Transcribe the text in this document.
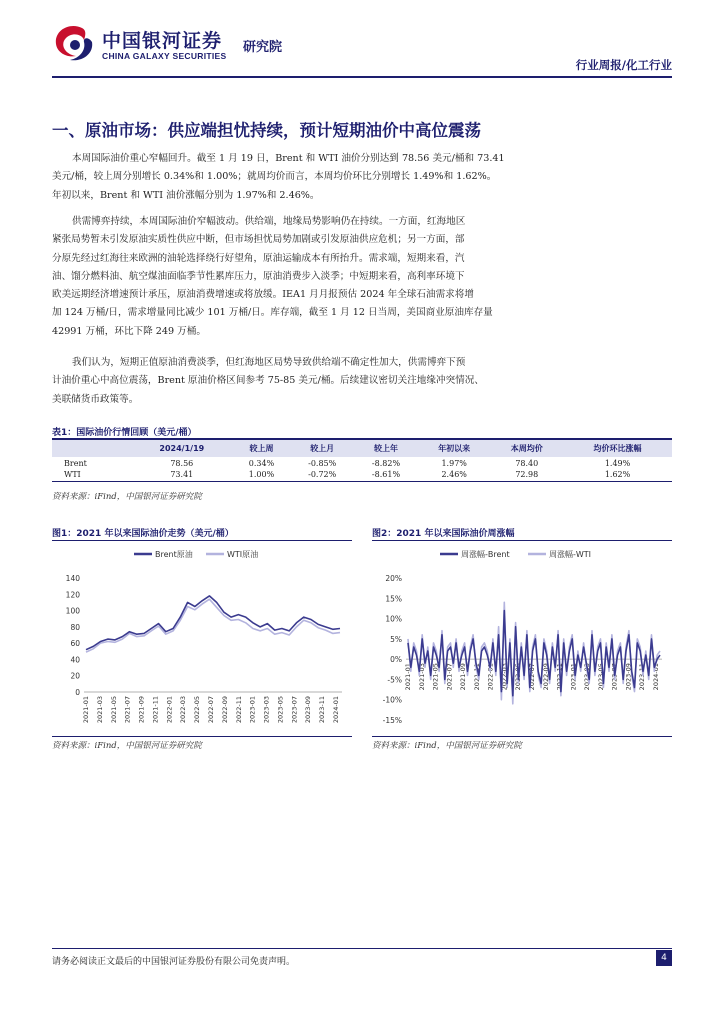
中国银河证券
CHINA GALAXY SECURITIES
研究院
行业周报/化工行业
一、原油市场：供应端担忧持续，预计短期油价中高位震荡
本周国际油价重心窄幅回升。截至 1 月 19 日，Brent 和 WTI 油价分别达到 78.56 美元/桶和 73.41
美元/桶，较上周分别增长 0.34%和 1.00%；就周均价而言，本周均价环比分别增长 1.49%和 1.62%。
年初以来，Brent 和 WTI 油价涨幅分别为 1.97%和 2.46%。
供需博弈持续，本周国际油价窄幅波动。供给端，地缘局势影响仍在持续。一方面，红海地区
紧张局势暂未引发原油实质性供应中断，但市场担忧局势加剧或引发原油供应危机；另一方面，部
分原先经过红海往来欧洲的油轮选择绕行好望角，原油运输成本有所抬升。需求端，短期来看，汽
油、馏分燃料油、航空煤油面临季节性累库压力，原油消费步入淡季；中短期来看，高利率环境下
欧美远期经济增速预计承压，原油消费增速或将放缓。IEA1 月月报预估 2024 年全球石油需求将增
加 124 万桶/日，需求增量同比减少 101 万桶/日。库存端，截至 1 月 12 日当周，美国商业原油库存量
42991 万桶，环比下降 249 万桶。
我们认为，短期正值原油消费淡季，但红海地区局势导致供给端不确定性加大，供需博弈下预
计油价重心中高位震荡，Brent 原油价格区间参考 75-85 美元/桶。后续建议密切关注地缘冲突情况、
美联储货币政策等。
表1：国际油价行情回顾（美元/桶）
	2024/1/19	较上周	较上月	较上年	年初以来	本周均价	均价环比涨幅
Brent	78.56	0.34%	-0.85%	-8.82%	1.97%	78.40	1.49%
WTI	73.41	1.00%	-0.72%	-8.61%	2.46%	72.98	1.62%
资料来源：iFind，中国银河证券研究院
图1：2021 年以来国际油价走势（美元/桶）
Brent原油	WTI原油
0
20
40
60
80
100
120
140
2021-01 2021-03 2021-05 2021-07 2021-09 2021-11 2022-01 2022-03 2022-05 2022-07 2022-09 2022-11 2023-01 2023-03 2023-05 2023-07 2023-09 2023-11 2024-01
资料来源：iFind，中国银河证券研究院
图2：2021 年以来国际油价周涨幅
周涨幅-Brent	周涨幅-WTI
-15%
-10%
-5%
0%
5%
10%
15%
20%
2021-01 2021-03 2021-05 2021-07 2021-09 2021-11 2022-01 2022-03 2022-05 2022-07 2022-09 2022-11 2023-01 2023-03 2023-05 2023-07 2023-09 2023-11 2024-01
资料来源：iFind，中国银河证券研究院
请务必阅读正文最后的中国银河证券股份有限公司免责声明。	4
